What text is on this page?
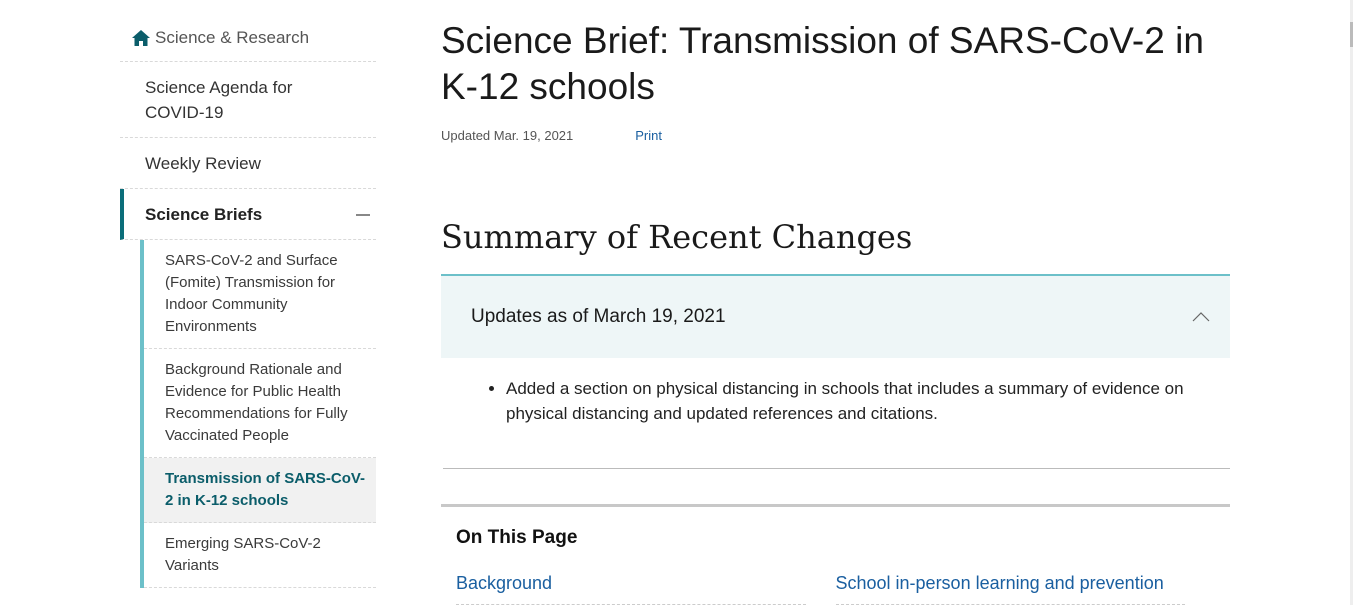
Science & Research
Science Agenda for COVID-19
Weekly Review
Science Briefs
SARS-CoV-2 and Surface (Fomite) Transmission for Indoor Community Environments
Background Rationale and Evidence for Public Health Recommendations for Fully Vaccinated People
Transmission of SARS-CoV-2 in K-12 schools
Emerging SARS-CoV-2 Variants
Science Brief: Transmission of SARS-CoV-2 in K-12 schools
Updated Mar. 19, 2021	Print
Summary of Recent Changes
Updates as of March 19, 2021
• Added a section on physical distancing in schools that includes a summary of evidence on physical distancing and updated references and citations.
On This Page
Background	School in-person learning and prevention
